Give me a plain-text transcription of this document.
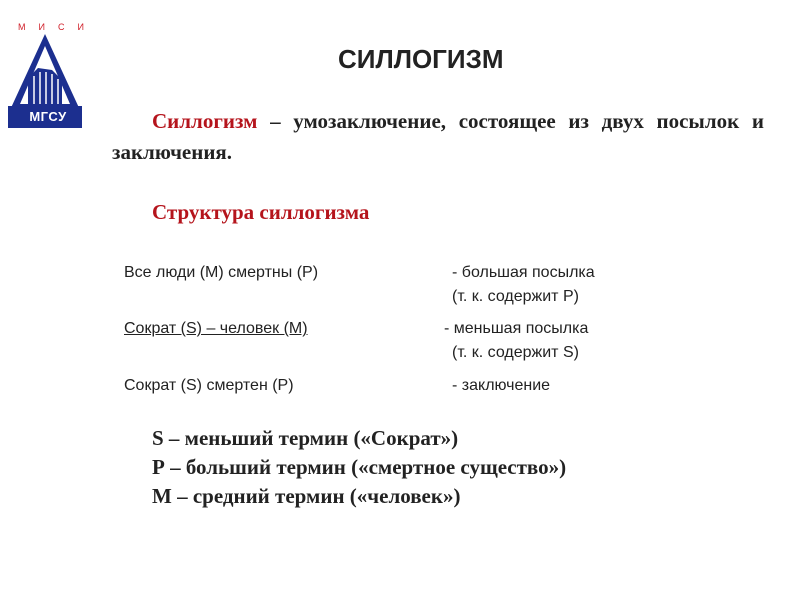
М И С И
МГСУ
СИЛЛОГИЗМ
Силлогизм – умозаключение, состоящее из двух посылок и заключения.
Структура силлогизма
Все люди (М) смертны (Р)	- большая посылка
(т. к. содержит Р)
Сократ (S) – человек (М)	- меньшая посылка
(т. к. содержит S)
Сократ (S) смертен (Р)	- заключение
S – меньший термин («Сократ»)
Р – больший термин («смертное существо»)
М – средний термин («человек»)
